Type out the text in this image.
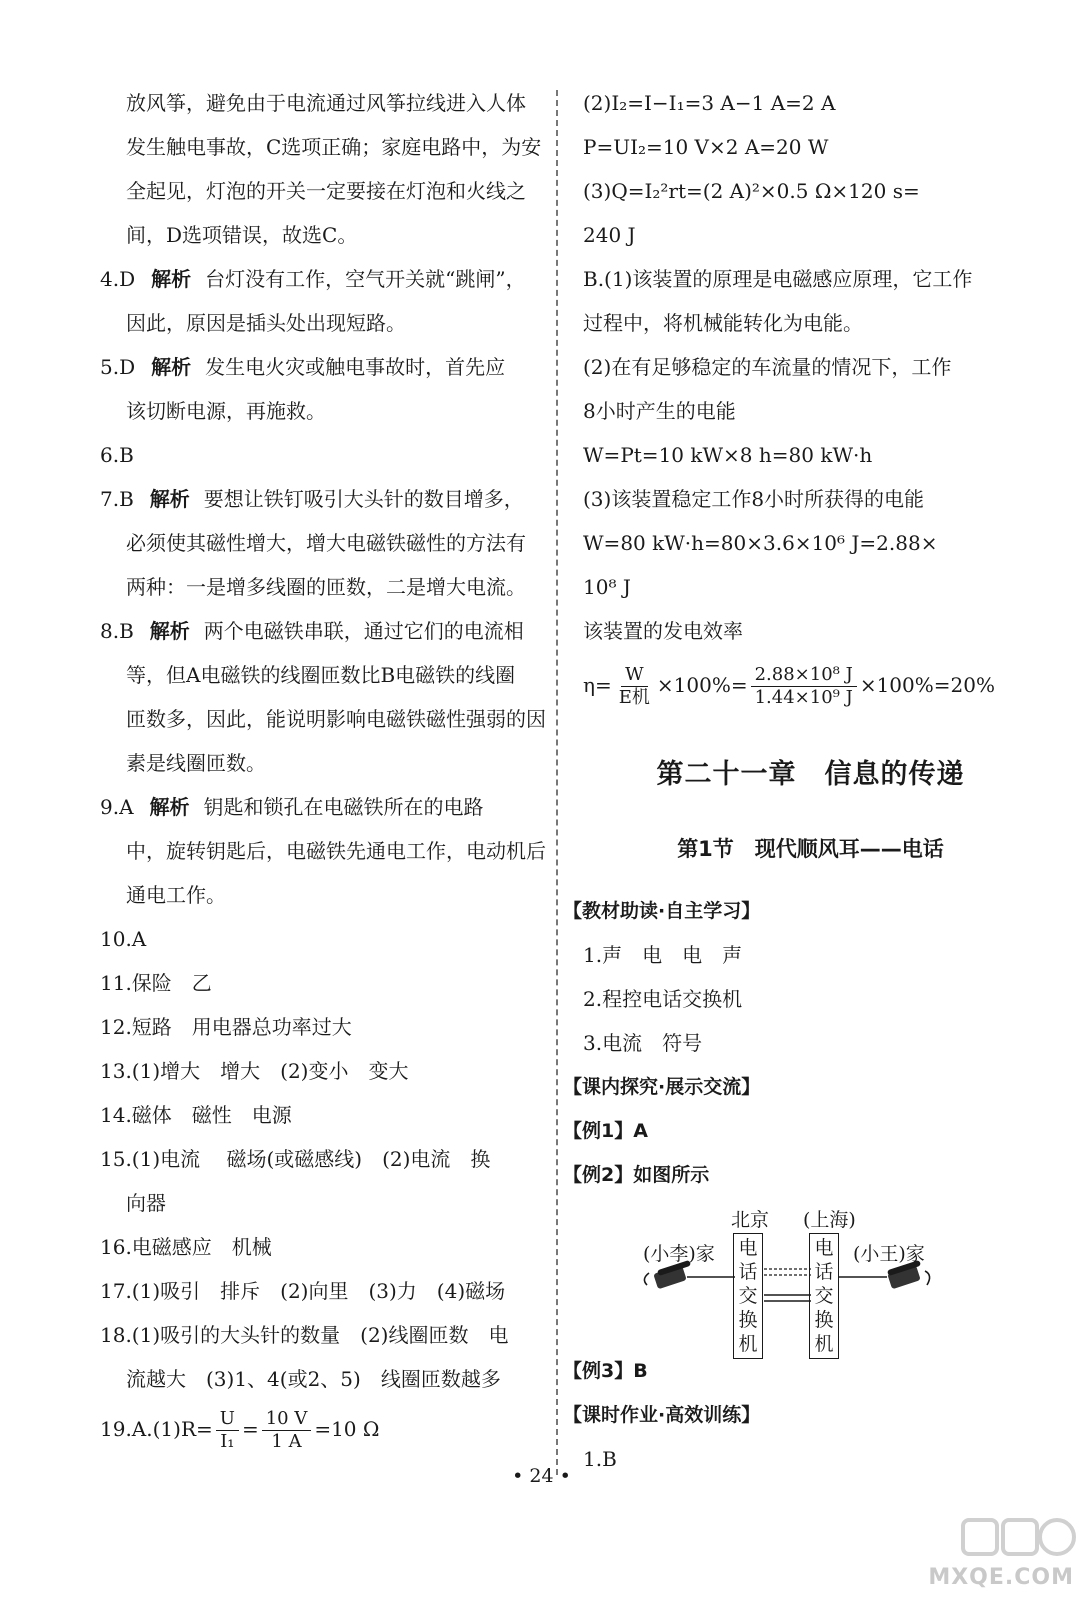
放风筝，避免由于电流通过风筝拉线进入人体
发生触电事故，C选项正确；家庭电路中，为安
全起见，灯泡的开关一定要接在灯泡和火线之
间，D选项错误，故选C。
4.D 解析 台灯没有工作，空气开关就“跳闸”，
因此，原因是插头处出现短路。
5.D 解析 发生电火灾或触电事故时，首先应
该切断电源，再施救。
6.B
7.B 解析 要想让铁钉吸引大头针的数目增多，
必须使其磁性增大，增大电磁铁磁性的方法有
两种：一是增多线圈的匝数，二是增大电流。
8.B 解析 两个电磁铁串联，通过它们的电流相
等，但A电磁铁的线圈匝数比B电磁铁的线圈
匝数多，因此，能说明影响电磁铁磁性强弱的因
素是线圈匝数。
9.A 解析 钥匙和锁孔在电磁铁所在的电路
中，旋转钥匙后，电磁铁先通电工作，电动机后
通电工作。
10.A
11.保险　乙
12.短路　用电器总功率过大
13.(1)增大　增大　(2)变小　变大
14.磁体　磁性　电源
15.(1)电流　 磁场(或磁感线)　(2)电流　换
向器
16.电磁感应　机械
17.(1)吸引　排斥　(2)向里　(3)力　(4)磁场
18.(1)吸引的大头针的数量　(2)线圈匝数　电
流越大　(3)1、4(或2、5)　线圈匝数越多
$19.A.(1)R= \frac{U}{\text{I₁}} = \frac{10 V}{1 A} =10$ Ω
(2)I₂=I−I₁=3 A−1 A=2 A
P=UI₂=10 V×2 A=20 W
(3)Q=I₂²rt=(2 A)²×0.5 Ω×120 s=
240 J
B.(1)该装置的原理是电磁感应原理，它工作
过程中，将机械能转化为电能。
(2)在有足够稳定的车流量的情况下，工作
8小时产生的电能
W=Pt=10 kW×8 h=80 kW·h
(3)该装置稳定工作8小时所获得的电能
W=80 kW·h=80×3.6×10⁶ J=2.88×
10⁸ J
该装置的发电效率
$\eta= \frac{W}{\text{E机}} \times 100\%= \frac{\text{2.88×10⁸ J}}{\text{1.44×10⁹ J}} \times 100\%=20\%$
第二十一章　信息的传递
第1节　现代顺风耳——电话
【教材助读·自主学习】
1.声　电　电　声
2.程控电话交换机
3.电流　符号
【课内探究·展示交流】
【例1】A
【例2】如图所示
北京 (上海)
(小李)家	(小王)家
电
话
交
换
机
电
话
交
换
机
【例3】B
【课时作业·高效训练】
1.B
• 24 •
MXQE.COM
